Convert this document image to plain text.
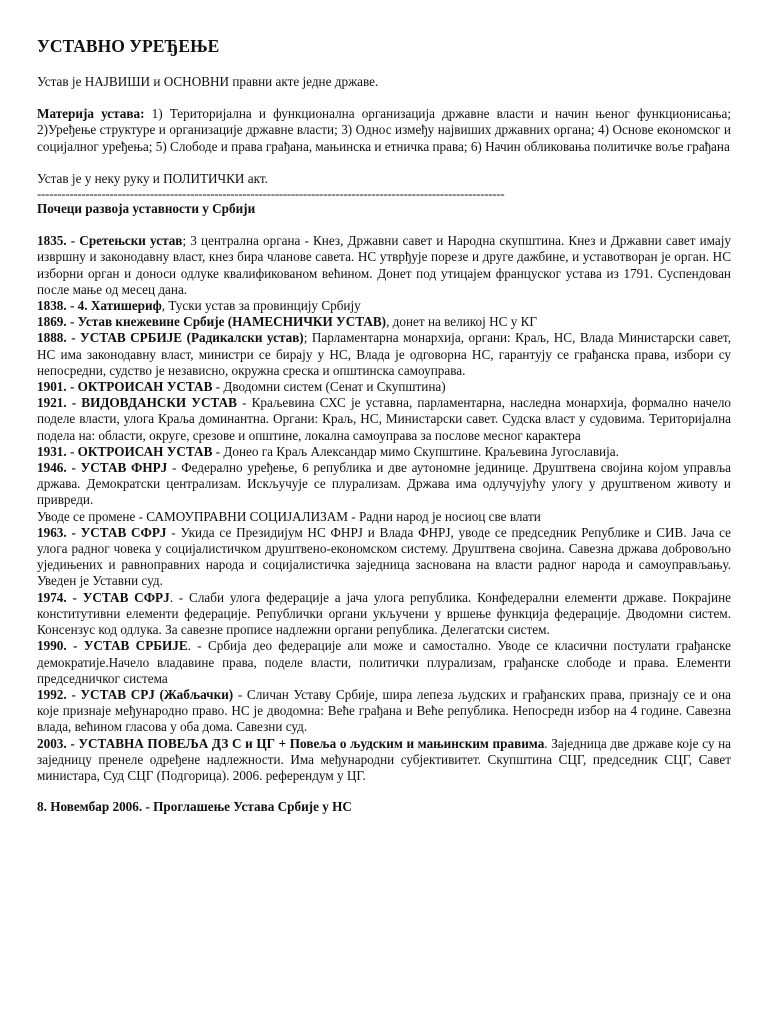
УСТАВНО УРЕЂЕЊЕ

Устав је НАЈВИШИ и ОСНОВНИ правни акте једне државе.

Материја устава: 1) Територијална и функционална организација државне власти и начин њеног функционисања; 2)Уређење структуре и организације државне власти; 3) Однос између највиших државних органа; 4) Основе економског и социјалног уређења; 5) Слободе и права грађана, мањинска и етничка права; 6) Начин обликовања политичке воље грађана

Устав је у неку руку и ПОЛИТИЧКИ акт.

--------------------------------------------------------------------------------------------------------------------

Почеци развоја уставности у Србији

1835. - Сретењски устав; 3 централна органа - Кнез, Државни савет и Народна скупштина. Кнез и Државни савет имају извршну и законодавну власт, кнез бира чланове савета. НС утврђује порезе и друге дажбине, и уставотворан је орган. НС изборни орган и доноси одлуке квалификованом већином. Донет под утицајем француског устава из 1791. Суспендован после мање од месец дана.

1838. - 4. Хатишериф, Туски устав за провинцију Србију

1869. - Устав кнежевине Србије (НАМЕСНИЧКИ УСТАВ), донет на великој НС у КГ

1888. - УСТАВ СРБИЈЕ (Радикалски устав); Парламентарна монархија, органи: Краљ, НС, Влада Министарски савет, НС има законодавну власт, министри се бирају у НС, Влада је одговорна НС, гарантују се грађанска права, избори су непосредни, судство је независно, окружна среска и општинска самоуправа.

1901. - ОКТРОИСАН УСТАВ - Дводомни систем (Сенат и Скупштина)

1921. - ВИДОВДАНСКИ УСТАВ - Краљевина СХС је уставна, парламентарна, наследна монархија, формално начело поделе власти, улога Краља доминантна. Органи: Краљ, НС, Министарски савет. Судска власт у судовима. Територијална подела на: области, округе, срезове и општине, локална самоуправа за послове месног карактера

1931. - ОКТРОИСАН УСТАВ - Донео га Краљ Александар мимо Скупштине. Краљевина Југославија.

1946. - УСТАВ ФНРЈ - Федерално уређење, 6 република и две аутономне јединице. Друштвена својина којом управља држава. Демократски централизам. Искључује се плурализам. Држава има одлучујућу улогу у друштвеном животу и привреди.

Уводе се промене - САМОУПРАВНИ СОЦИЈАЛИЗАМ - Радни народ је носиоц све влати

1963. - УСТАВ СФРЈ - Укида се Президијум НС ФНРЈ и Влада ФНРЈ, уводе се председник Републике и СИВ. Јача се улога радног човека у социјалистичком друштвено-економском систему. Друштвена својина. Савезна држава добровољно уједињених и равноправних народа и социјалистичка заједница заснована на власти радног народа и самоуправљању. Уведен је Уставни суд.

1974. - УСТАВ СФРЈ. - Слаби улога федерације а јача улога република. Конфедерални елементи државе. Покрајине конститутивни елементи федерације. Републички органи укључени у вршење функција федерације. Дводомни систем. Консензус код одлука. За савезне прописе надлежни органи република. Делегатски систем.

1990. - УСТАВ СРБИЈЕ. - Србија део федерације али може и самостално. Уводе се класични постулати грађанске демократије.Начело владавине права, поделе власти, политички плурализам, грађанске слободе и права. Елементи председничког система

1992. - УСТАВ СРЈ (Жабљачки) - Сличан Уставу Србије, шира лепеза људских и грађанских права, признају се и она које признаје међународно право. НС је дводомна: Веће грађана и Веће република. Непосредн избор на 4 године. Савезна влада, већином гласова у оба дома. Савезни суд.

2003. - УСТАВНА ПОВЕЉА ДЗ С и ЦГ + Повеља о људским и мањинским правима. Заједница две државе које су на заједницу пренеле одређене надлежности. Има међународни субјективитет. Скупштина СЦГ, председник СЦГ, Савет министара, Суд СЦГ (Подгорица). 2006. референдум у ЦГ.

8. Новембар 2006. - Проглашење Устава Србије у НС
